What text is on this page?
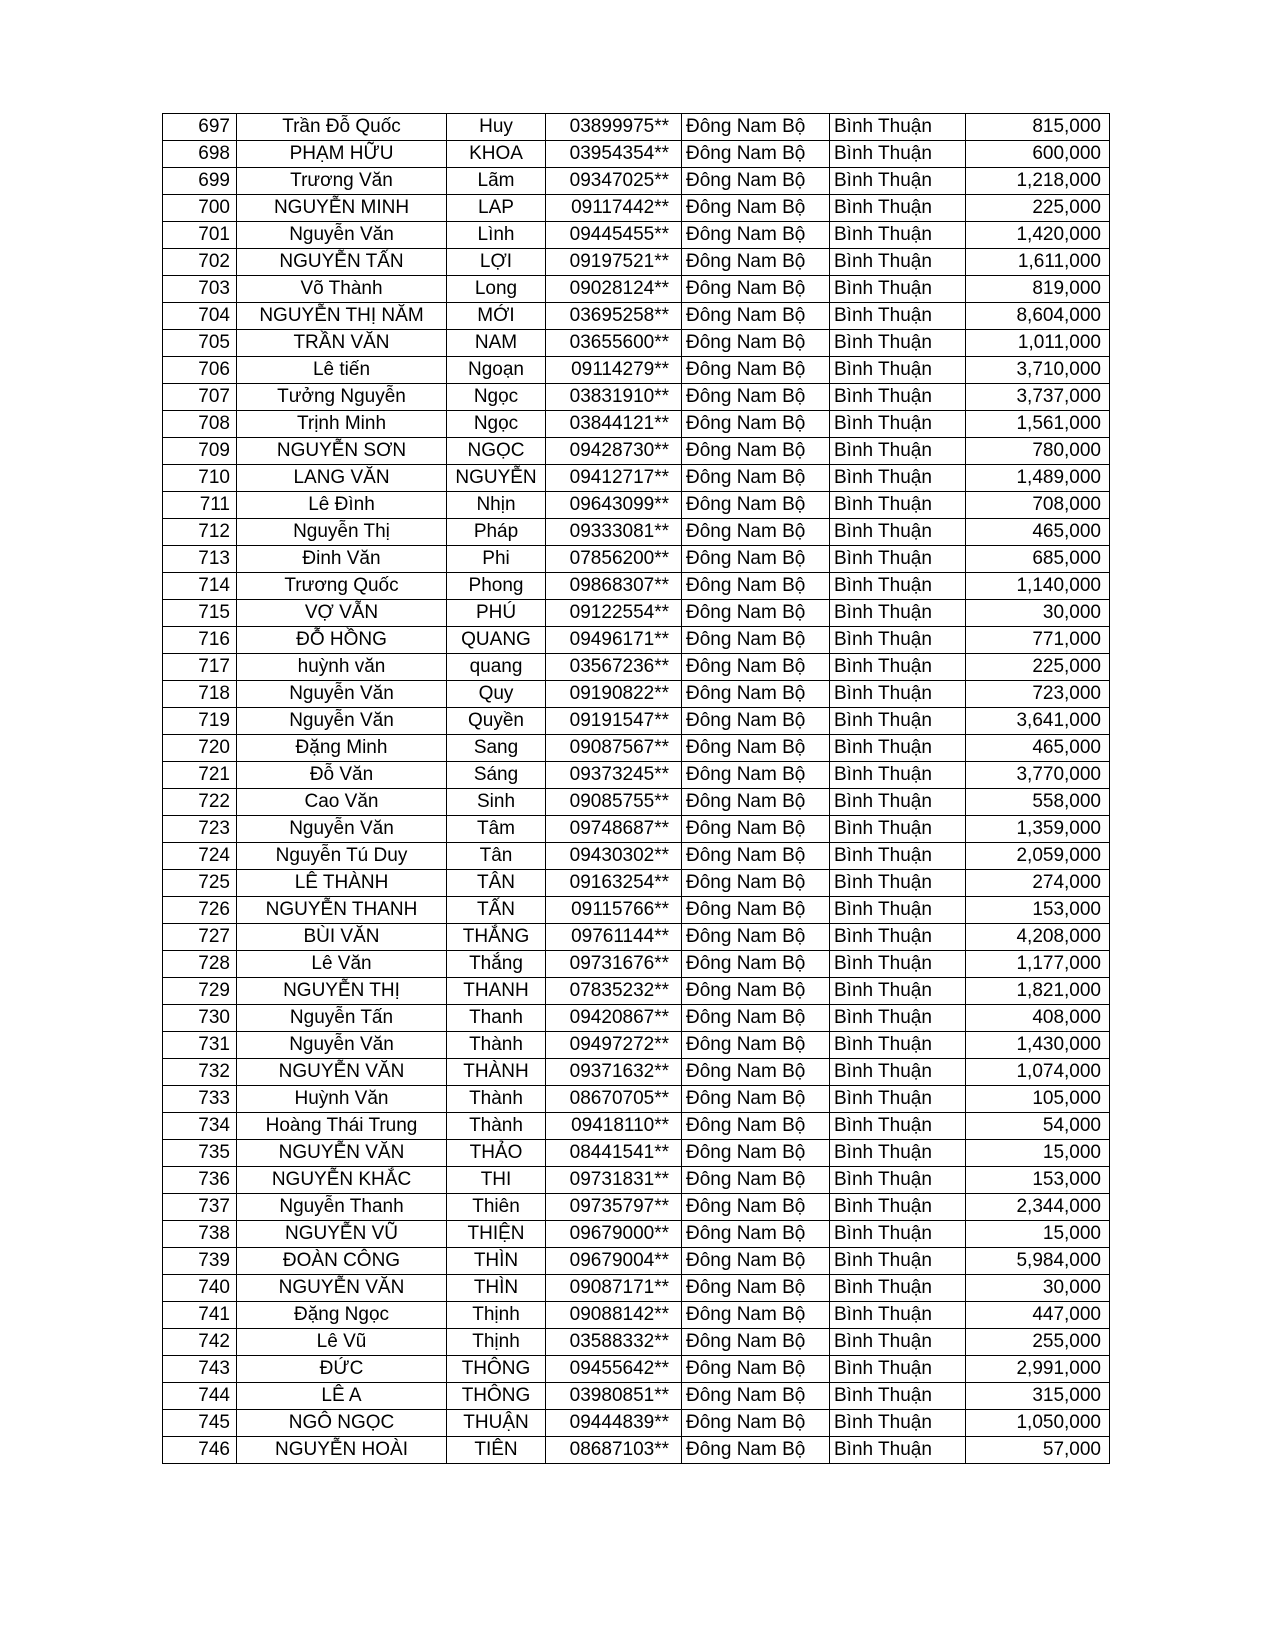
697	Trần Đỗ Quốc	Huy	03899975**	Đông Nam Bộ	Bình Thuận	815,000
698	PHẠM HỮU	KHOA	03954354**	Đông Nam Bộ	Bình Thuận	600,000
699	Trương Văn	Lãm	09347025**	Đông Nam Bộ	Bình Thuận	1,218,000
700	NGUYỄN MINH	LAP	09117442**	Đông Nam Bộ	Bình Thuận	225,000
701	Nguyễn Văn	Lình	09445455**	Đông Nam Bộ	Bình Thuận	1,420,000
702	NGUYỄN TẤN	LỢI	09197521**	Đông Nam Bộ	Bình Thuận	1,611,000
703	Võ Thành	Long	09028124**	Đông Nam Bộ	Bình Thuận	819,000
704	NGUYỄN THỊ NĂM	MỚI	03695258**	Đông Nam Bộ	Bình Thuận	8,604,000
705	TRẦN VĂN	NAM	03655600**	Đông Nam Bộ	Bình Thuận	1,011,000
706	Lê tiến	Ngoạn	09114279**	Đông Nam Bộ	Bình Thuận	3,710,000
707	Tưởng Nguyễn	Ngọc	03831910**	Đông Nam Bộ	Bình Thuận	3,737,000
708	Trịnh Minh	Ngọc	03844121**	Đông Nam Bộ	Bình Thuận	1,561,000
709	NGUYỄN SƠN	NGỌC	09428730**	Đông Nam Bộ	Bình Thuận	780,000
710	LANG VĂN	NGUYỄN	09412717**	Đông Nam Bộ	Bình Thuận	1,489,000
711	Lê Đình	Nhịn	09643099**	Đông Nam Bộ	Bình Thuận	708,000
712	Nguyễn Thị	Pháp	09333081**	Đông Nam Bộ	Bình Thuận	465,000
713	Đinh Văn	Phi	07856200**	Đông Nam Bộ	Bình Thuận	685,000
714	Trương Quốc	Phong	09868307**	Đông Nam Bộ	Bình Thuận	1,140,000
715	VỢ VẪN	PHÚ	09122554**	Đông Nam Bộ	Bình Thuận	30,000
716	ĐỖ HỒNG	QUANG	09496171**	Đông Nam Bộ	Bình Thuận	771,000
717	huỳnh văn	quang	03567236**	Đông Nam Bộ	Bình Thuận	225,000
718	Nguyễn Văn	Quy	09190822**	Đông Nam Bộ	Bình Thuận	723,000
719	Nguyễn Văn	Quyền	09191547**	Đông Nam Bộ	Bình Thuận	3,641,000
720	Đặng Minh	Sang	09087567**	Đông Nam Bộ	Bình Thuận	465,000
721	Đỗ Văn	Sáng	09373245**	Đông Nam Bộ	Bình Thuận	3,770,000
722	Cao Văn	Sinh	09085755**	Đông Nam Bộ	Bình Thuận	558,000
723	Nguyễn Văn	Tâm	09748687**	Đông Nam Bộ	Bình Thuận	1,359,000
724	Nguyễn Tú Duy	Tân	09430302**	Đông Nam Bộ	Bình Thuận	2,059,000
725	LÊ THÀNH	TÂN	09163254**	Đông Nam Bộ	Bình Thuận	274,000
726	NGUYỄN THANH	TẤN	09115766**	Đông Nam Bộ	Bình Thuận	153,000
727	BÙI VĂN	THẮNG	09761144**	Đông Nam Bộ	Bình Thuận	4,208,000
728	Lê Văn	Thắng	09731676**	Đông Nam Bộ	Bình Thuận	1,177,000
729	NGUYỄN THỊ	THANH	07835232**	Đông Nam Bộ	Bình Thuận	1,821,000
730	Nguyễn Tấn	Thanh	09420867**	Đông Nam Bộ	Bình Thuận	408,000
731	Nguyễn Văn	Thành	09497272**	Đông Nam Bộ	Bình Thuận	1,430,000
732	NGUYỄN VĂN	THÀNH	09371632**	Đông Nam Bộ	Bình Thuận	1,074,000
733	Huỳnh Văn	Thành	08670705**	Đông Nam Bộ	Bình Thuận	105,000
734	Hoàng Thái Trung	Thành	09418110**	Đông Nam Bộ	Bình Thuận	54,000
735	NGUYỄN VĂN	THẢO	08441541**	Đông Nam Bộ	Bình Thuận	15,000
736	NGUYỄN KHẮC	THI	09731831**	Đông Nam Bộ	Bình Thuận	153,000
737	Nguyễn Thanh	Thiên	09735797**	Đông Nam Bộ	Bình Thuận	2,344,000
738	NGUYỄN VŨ	THIỆN	09679000**	Đông Nam Bộ	Bình Thuận	15,000
739	ĐOÀN CÔNG	THÌN	09679004**	Đông Nam Bộ	Bình Thuận	5,984,000
740	NGUYỄN VĂN	THÌN	09087171**	Đông Nam Bộ	Bình Thuận	30,000
741	Đặng Ngọc	Thịnh	09088142**	Đông Nam Bộ	Bình Thuận	447,000
742	Lê Vũ	Thịnh	03588332**	Đông Nam Bộ	Bình Thuận	255,000
743	ĐỨC	THÔNG	09455642**	Đông Nam Bộ	Bình Thuận	2,991,000
744	LÊ A	THÔNG	03980851**	Đông Nam Bộ	Bình Thuận	315,000
745	NGÔ NGỌC	THUẬN	09444839**	Đông Nam Bộ	Bình Thuận	1,050,000
746	NGUYỄN HOÀI	TIÊN	08687103**	Đông Nam Bộ	Bình Thuận	57,000
